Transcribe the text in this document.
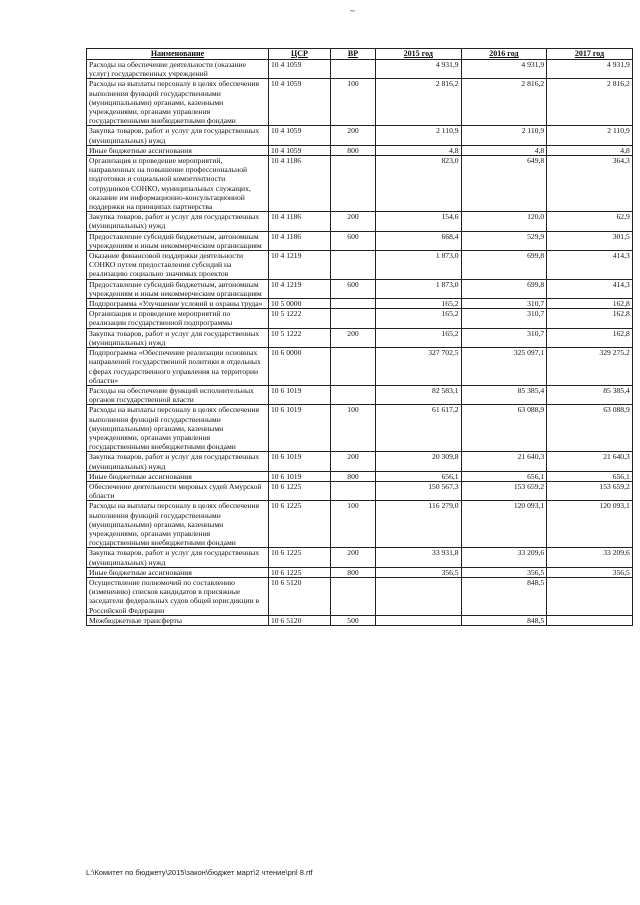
~
Наименование	ЦСР	ВР	2015 год	2016 год	2017 год
Расходы на обеспечение деятельности (оказание услуг) государственных учреждений	10 4 1059		4 931,9	4 931,9	4 931,9
Расходы на выплаты персоналу в целях обеспечения выполнения функций государственными (муниципальными) органами, казенными учреждениями, органами управления государственными внебюджетными фондами	10 4 1059	100	2 816,2	2 816,2	2 816,2
Закупка товаров, работ и услуг для государственных (муниципальных) нужд	10 4 1059	200	2 110,9	2 110,9	2 110,9
Иные бюджетные ассигнования	10 4 1059	800	4,8	4,8	4,8
Организация и проведение мероприятий, направленных на повышение профессиональной подготовки и социальной компетентности сотрудников СОНКО, муниципальных служащих, оказание им информационно-консультационной поддержки на принципах партнерства	10 4 1186		823,0	649,8	364,3
Закупка товаров, работ и услуг для государственных (муниципальных) нужд	10 4 1186	200	154,6	120,0	62,9
Предоставление субсидий бюджетным, автономным учреждениям и иным некоммерческим организациям	10 4 1186	600	668,4	529,9	301,5
Оказание финансовой поддержки деятельности СОНКО путем предоставления субсидий на реализацию социально значимых проектов	10 4 1219		1 873,0	699,8	414,3
Предоставление субсидий бюджетным, автономным учреждениям и иным некоммерческим организациям	10 4 1219	600	1 873,0	699,8	414,3
Подпрограмма «Улучшение условий и охраны труда»	10 5 0000		165,2	310,7	162,8
Организация и проведение мероприятий по реализации государственной подпрограммы	10 5 1222		165,2	310,7	162,8
Закупка товаров, работ и услуг для государственных (муниципальных) нужд	10 5 1222	200	165,2	310,7	162,8
Подпрограмма «Обеспечение реализации основных направлений государственной политики в отдельных сферах государственного управления на территории области»	10 6 0000		327 702,5	325 097,1	329 275,2
Расходы на обеспечение функций исполнительных органов государственной власти	10 6 1019		82 583,1	85 385,4	85 385,4
Расходы на выплаты персоналу в целях обеспечения выполнения функций государственными (муниципальными) органами, казенными учреждениями, органами управления государственными внебюджетными фондами	10 6 1019	100	61 617,2	63 088,9	63 088,9
Закупка товаров, работ и услуг для государственных (муниципальных) нужд	10 6 1019	200	20 309,8	21 640,3	21 640,3
Иные бюджетные ассигнования	10 6 1019	800	656,1	656,1	656,1
Обеспечение деятельности мировых судей Амурской области	10 6 1225		150 567,3	153 659,2	153 659,2
Расходы на выплаты персоналу в целях обеспечения выполнения функций государственными (муниципальными) органами, казенными учреждениями, органами управления государственными внебюджетными фондами	10 6 1225	100	116 279,0	120 093,1	120 093,1
Закупка товаров, работ и услуг для государственных (муниципальных) нужд	10 6 1225	200	33 931,8	33 209,6	33 209,6
Иные бюджетные ассигнования	10 6 1225	800	356,5	356,5	356,5
Осуществление полномочий по составлению (изменению) списков кандидатов в присяжные заседатели федеральных судов общей юрисдикции в Российской Федерации	10 6 5120			848,5	
Межбюджетные трансферты	10 6 5120	500		848,5	
L:\Комитет по бюджету\2015\закон\бюджет март\2 чтение\pril 8.rtf
